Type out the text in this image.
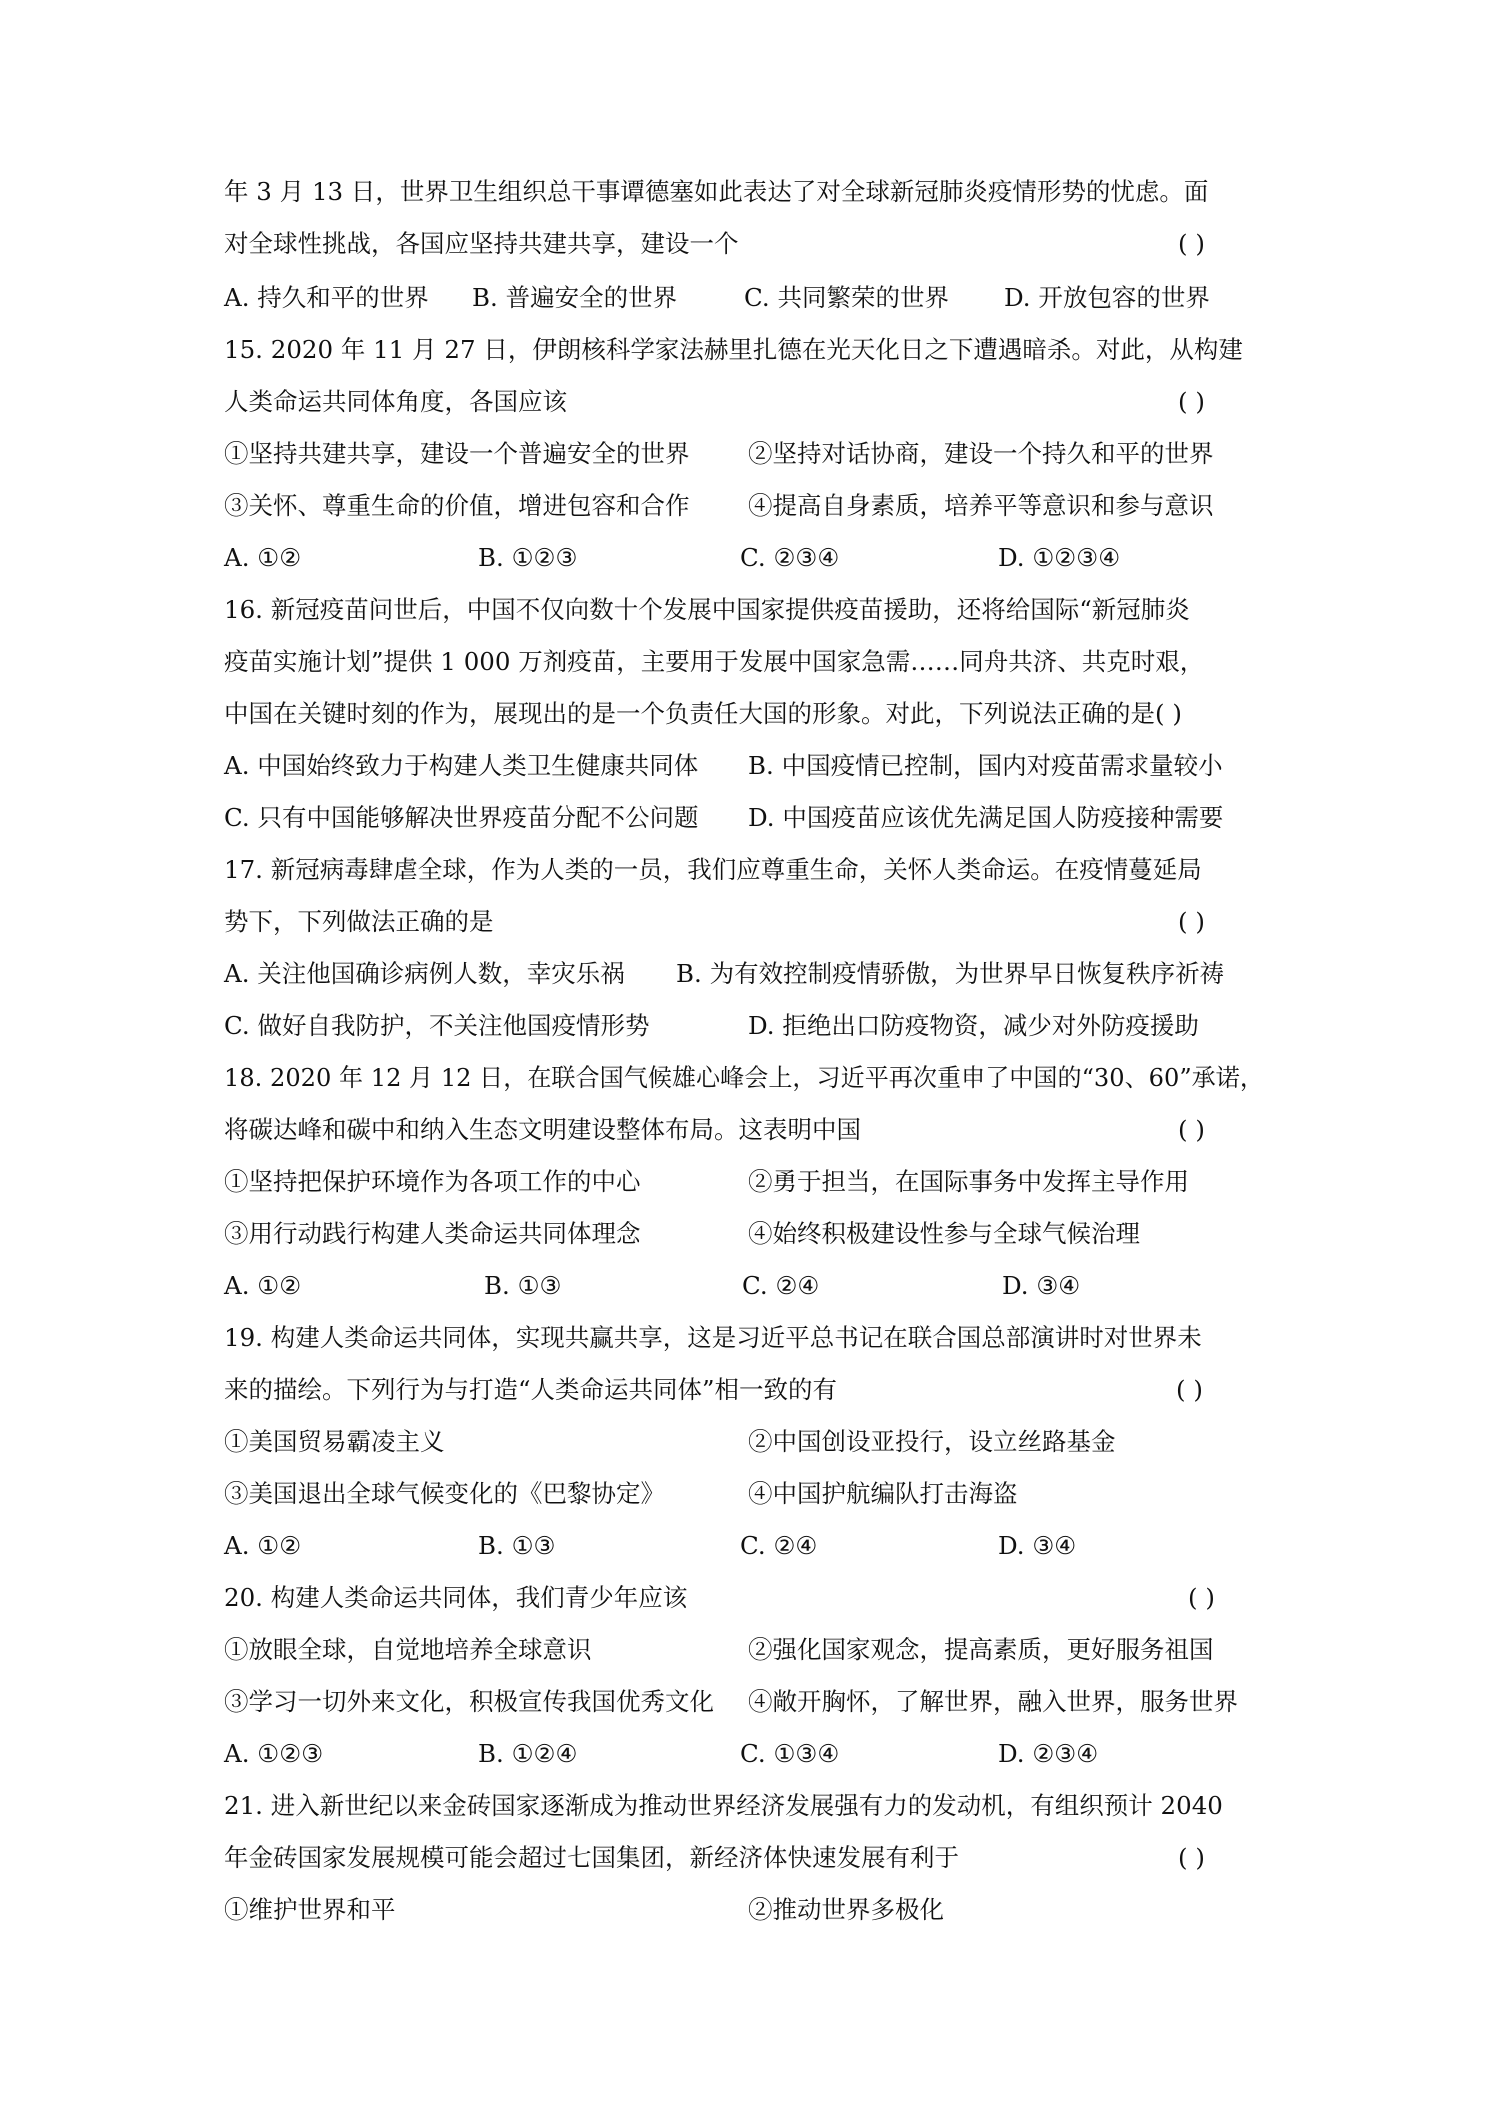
年 3 月 13 日，世界卫生组织总干事谭德塞如此表达了对全球新冠肺炎疫情形势的忧虑。面
对全球性挑战，各国应坚持共建共享，建设一个	( )
A. 持久和平的世界 B. 普遍安全的世界	C. 共同繁荣的世界 D. 开放包容的世界
15. 2020 年 11 月 27 日，伊朗核科学家法赫里扎德在光天化日之下遭遇暗杀。对此，从构建
人类命运共同体角度，各国应该	( )
①坚持共建共享，建设一个普遍安全的世界 ②坚持对话协商，建设一个持久和平的世界
③关怀、尊重生命的价值，增进包容和合作 ④提高自身素质，培养平等意识和参与意识
A. ①②	B. ①②③	C. ②③④	D. ①②③④
16. 新冠疫苗问世后，中国不仅向数十个发展中国家提供疫苗援助，还将给国际“新冠肺炎
疫苗实施计划”提供 1 000 万剂疫苗，主要用于发展中国家急需……同舟共济、共克时艰，
中国在关键时刻的作为，展现出的是一个负责任大国的形象。对此，下列说法正确的是( )
A. 中国始终致力于构建人类卫生健康共同体 B. 中国疫情已控制，国内对疫苗需求量较小
C. 只有中国能够解决世界疫苗分配不公问题 D. 中国疫苗应该优先满足国人防疫接种需要
17. 新冠病毒肆虐全球，作为人类的一员，我们应尊重生命，关怀人类命运。在疫情蔓延局
势下，下列做法正确的是	( )
A. 关注他国确诊病例人数，幸灾乐祸 B. 为有效控制疫情骄傲，为世界早日恢复秩序祈祷
C. 做好自我防护，不关注他国疫情形势	D. 拒绝出口防疫物资，减少对外防疫援助
18. 2020 年 12 月 12 日，在联合国气候雄心峰会上，习近平再次重申了中国的“30、60”承诺，
将碳达峰和碳中和纳入生态文明建设整体布局。这表明中国	( )
①坚持把保护环境作为各项工作的中心	②勇于担当，在国际事务中发挥主导作用
③用行动践行构建人类命运共同体理念	④始终积极建设性参与全球气候治理
A. ①②	B. ①③	C. ②④	D. ③④
19. 构建人类命运共同体，实现共赢共享，这是习近平总书记在联合国总部演讲时对世界未
来的描绘。下列行为与打造“人类命运共同体”相一致的有	( )
①美国贸易霸凌主义	②中国创设亚投行，设立丝路基金
③美国退出全球气候变化的《巴黎协定》	④中国护航编队打击海盗
A. ①②	B. ①③	C. ②④	D. ③④
20. 构建人类命运共同体，我们青少年应该	( )
①放眼全球，自觉地培养全球意识	②强化国家观念，提高素质，更好服务祖国
③学习一切外来文化，积极宣传我国优秀文化 ④敞开胸怀，了解世界，融入世界，服务世界
A. ①②③	B. ①②④	C. ①③④	D. ②③④
21. 进入新世纪以来金砖国家逐渐成为推动世界经济发展强有力的发动机，有组织预计 2040
年金砖国家发展规模可能会超过七国集团，新经济体快速发展有利于	( )
①维护世界和平	②推动世界多极化
